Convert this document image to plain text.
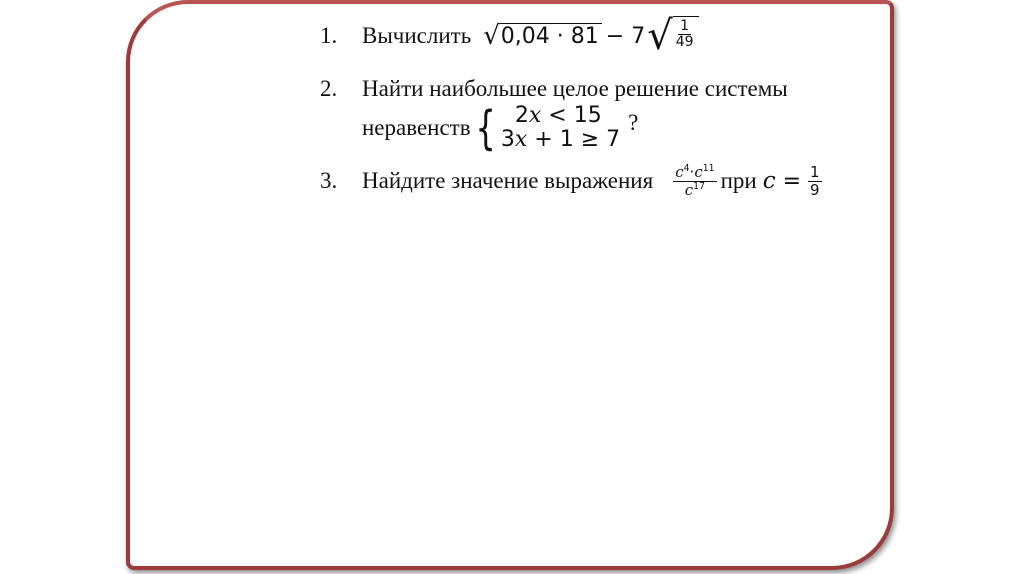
1.	Вычислить √ 0,04 · 81 − 7 √ $\frac{1}{49}$
2.	Найти наибольшее целое решение системы
неравенств { 2x < 15
3x + 1 ≥ 7
?
3.	Найдите значение выражения $\frac{c^4\cdot c^{11}}{c^{17}}$ при $c = \frac{1}{9}$
